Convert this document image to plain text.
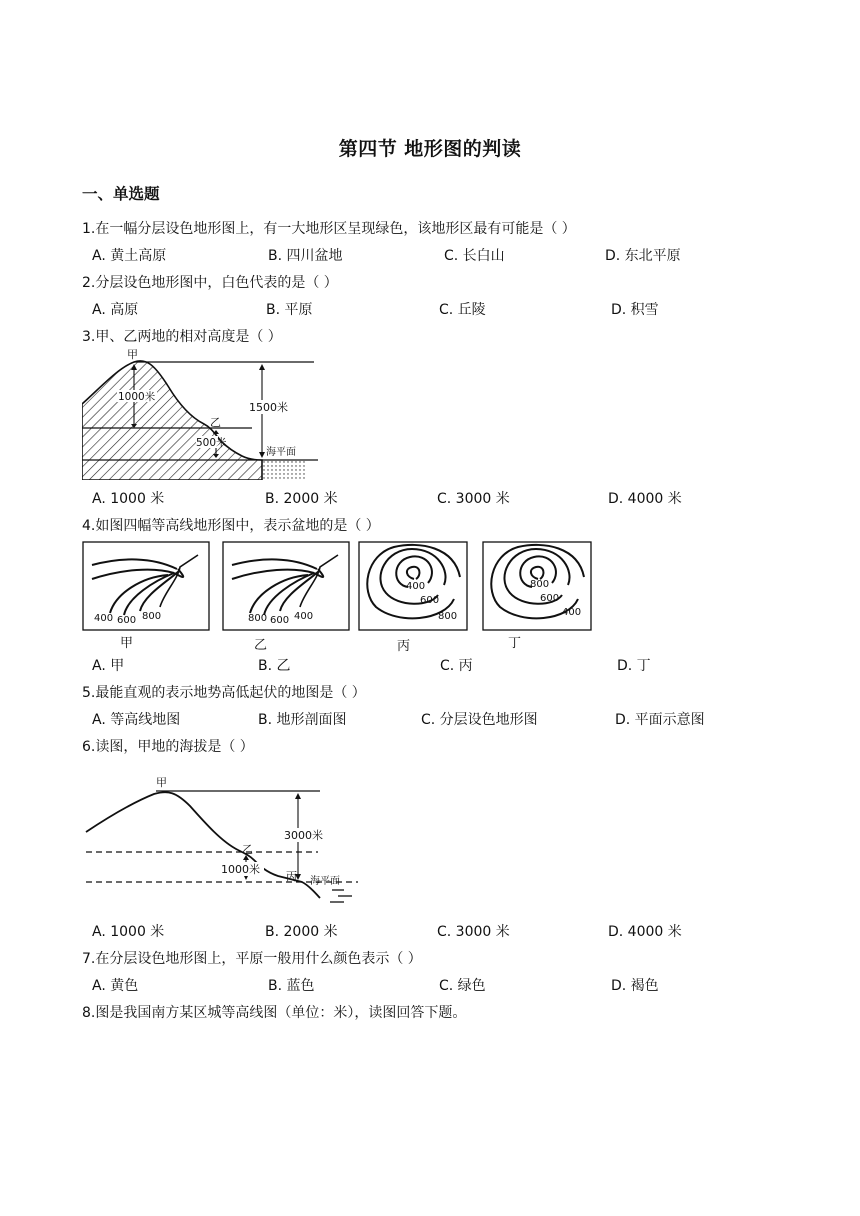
第四节 地形图的判读
一、单选题
1.在一幅分层设色地形图上，有一大地形区呈现绿色，该地形区最有可能是（ ）
A. 黄土高原	B. 四川盆地	C. 长白山	D. 东北平原
2.分层设色地形图中，白色代表的是（ ）
A. 高原	B. 平原	C. 丘陵	D. 积雪
3.甲、乙两地的相对高度是（ ）
甲
1000米
1500米
乙
500米
海平面
A. 1000 米	B. 2000 米	C. 3000 米	D. 4000 米
4.如图四幅等高线地形图中，表示盆地的是（ ）
400 600 800
甲
800 600 400
乙
400
600
800
丙
800
600
400
丁
A. 甲	B. 乙	C. 丙	D. 丁
5.最能直观的表示地势高低起伏的地图是（ ）
A. 等高线地图	B. 地形剖面图	C. 分层设色地形图	D. 平面示意图
6.读图，甲地的海拔是（ ）
甲
3000米
乙
1000米
丙 海平面
A. 1000 米	B. 2000 米	C. 3000 米	D. 4000 米
7.在分层设色地形图上，平原一般用什么颜色表示（ ）
A. 黄色	B. 蓝色	C. 绿色	D. 褐色
8.图是我国南方某区城等高线图（单位：米），读图回答下题。
